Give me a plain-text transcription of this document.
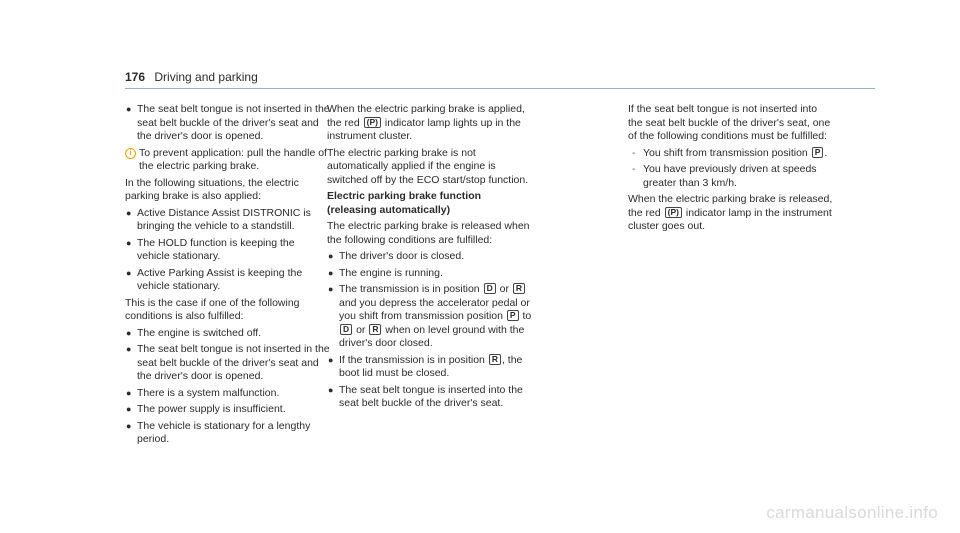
176 Driving and parking
● The seat belt tongue is not inserted in the seat belt buckle of the driver's seat and the driver's door is opened.
i To prevent application: pull the handle of the electric parking brake.
In the following situations, the electric parking brake is also applied:
● Active Distance Assist DISTRONIC is bringing the vehicle to a standstill.
● The HOLD function is keeping the vehicle stationary.
● Active Parking Assist is keeping the vehicle stationary.
This is the case if one of the following conditions is also fulfilled:
● The engine is switched off.
● The seat belt tongue is not inserted in the seat belt buckle of the driver's seat and the driver's door is opened.
● There is a system malfunction.
● The power supply is insufficient.
● The vehicle is stationary for a lengthy period.
When the electric parking brake is applied, the red (P) indicator lamp lights up in the instrument cluster.
The electric parking brake is not automatically applied if the engine is switched off by the ECO start/stop function.
Electric parking brake function (releasing automatically)
The electric parking brake is released when the following conditions are fulfilled:
● The driver's door is closed.
● The engine is running.
● The transmission is in position D or R and you depress the accelerator pedal or you shift from transmission position P to D or R when on level ground with the driver's door closed.
● If the transmission is in position R , the boot lid must be closed.
● The seat belt tongue is inserted into the seat belt buckle of the driver's seat.
If the seat belt tongue is not inserted into the seat belt buckle of the driver's seat, one of the following conditions must be fulfilled:
- You shift from transmission position P .
- You have previously driven at speeds greater than 3 km/h.
When the electric parking brake is released, the red (P) indicator lamp in the instrument cluster goes out.
carmanualsonline.info
